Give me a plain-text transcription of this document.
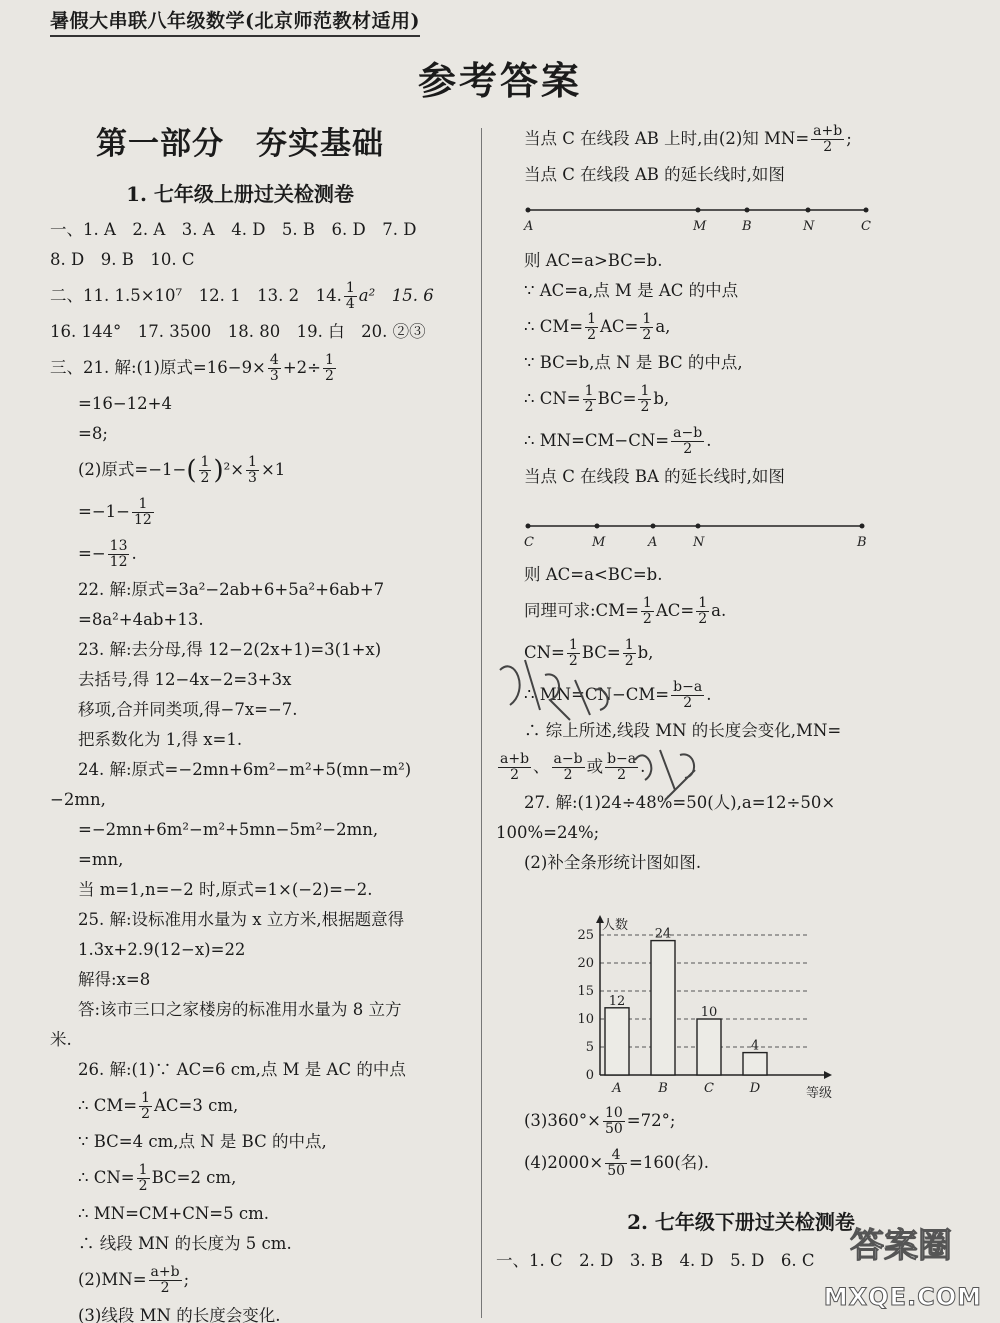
暑假大串联八年级数学(北京师范教材适用)
参考答案
第一部分　夯实基础
1. 七年级上册过关检测卷
一、1. A　2. A　3. A　4. D　5. B　6. D　7. D
8. D　9. B　10. C
二、11. 1.5×10⁷　12. 1　13. 2　14. $\frac{1}{4} a^2$　15. 6
16. 144°　17. 3500　18. 80　19. 白　20. ②③
三、21. 解:(1)原式$=16-9\times \frac{4}{3} +2\div \frac{1}{2}$
=16−12+4
=8;
(2)原式$=-1-( \frac{1}{2} )^2\times \frac{1}{3} \times 1$
$=-1- \frac{1}{12}$
=− $\frac{13}{12}$ .
22. 解:原式=3a²−2ab+6+5a²+6ab+7
=8a²+4ab+13.
23. 解:去分母,得 12−2(2x+1)=3(1+x)
去括号,得 12−4x−2=3+3x
移项,合并同类项,得−7x=−7.
把系数化为 1,得 x=1.
24. 解:原式=−2mn+6m²−m²+5(mn−m²)
−2mn,
=−2mn+6m²−m²+5mn−5m²−2mn,
=mn,
当 m=1,n=−2 时,原式=1×(−2)=−2.
25. 解:设标准用水量为 x 立方米,根据题意得
1.3x+2.9(12−x)=22
解得:x=8
答:该市三口之家楼房的标准用水量为 8 立方
米.
26. 解:(1)∵ AC=6 cm,点 M 是 AC 的中点
∴ $CM= \frac{1}{2} AC=3$ cm,
∵ BC=4 cm,点 N 是 BC 的中点,
∴ $CN= \frac{1}{2} BC=2$ cm,
∴ MN=CM+CN=5 cm.
∴ 线段 MN 的长度为 5 cm.
$(2)MN= \frac{a+b}{2}$ ;
(3)线段 MN 的长度会变化.
2. 七年级下册过关检测卷
一、1. C　2. D　3. B　4. D　5. D　6. C
当点 C 在线段 AB 上时,由(2)知 $MN= \frac{a+b}{2}$ ;
当点 C 在线段 AB 的延长线时,如图
A	M	B	N	C
则 AC=a>BC=b.
∵ AC=a,点 M 是 AC 的中点
∴ $CM= \frac{1}{2} AC= \frac{1}{2} a$,
∵ BC=b,点 N 是 BC 的中点,
∴ $CN= \frac{1}{2} BC= \frac{1}{2} b$,
∴ $MN=CM-CN= \frac{a-b}{2}$ .
当点 C 在线段 BA 的延长线时,如图
C	M	A	N	B
则 AC=a<BC=b.
同理可求:CM= $\frac{1}{2} AC= \frac{1}{2} a$.
$CN= \frac{1}{2} BC= \frac{1}{2} b$,
∴ $MN=CN-CM= \frac{b-a}{2}$ .
∴ 综上所述,线段 MN 的长度会变化,MN=
$\frac{a+b}{2}$ 、 $\frac{a-b}{2}$ 或 $\frac{b-a}{2}$ .
27. 解:(1)24÷48%=50(人),a=12÷50×
100%=24%;
(2)补全条形统计图如图.
0
5
10
15
20
25
人数
等级
12
A
24
B
10
C
4
D
$(3)360^\circ\times \frac{10}{50} =72^\circ$;
$(4)2000\times \frac{4}{50} =160$(名).
答案圈
MXQE.COM
